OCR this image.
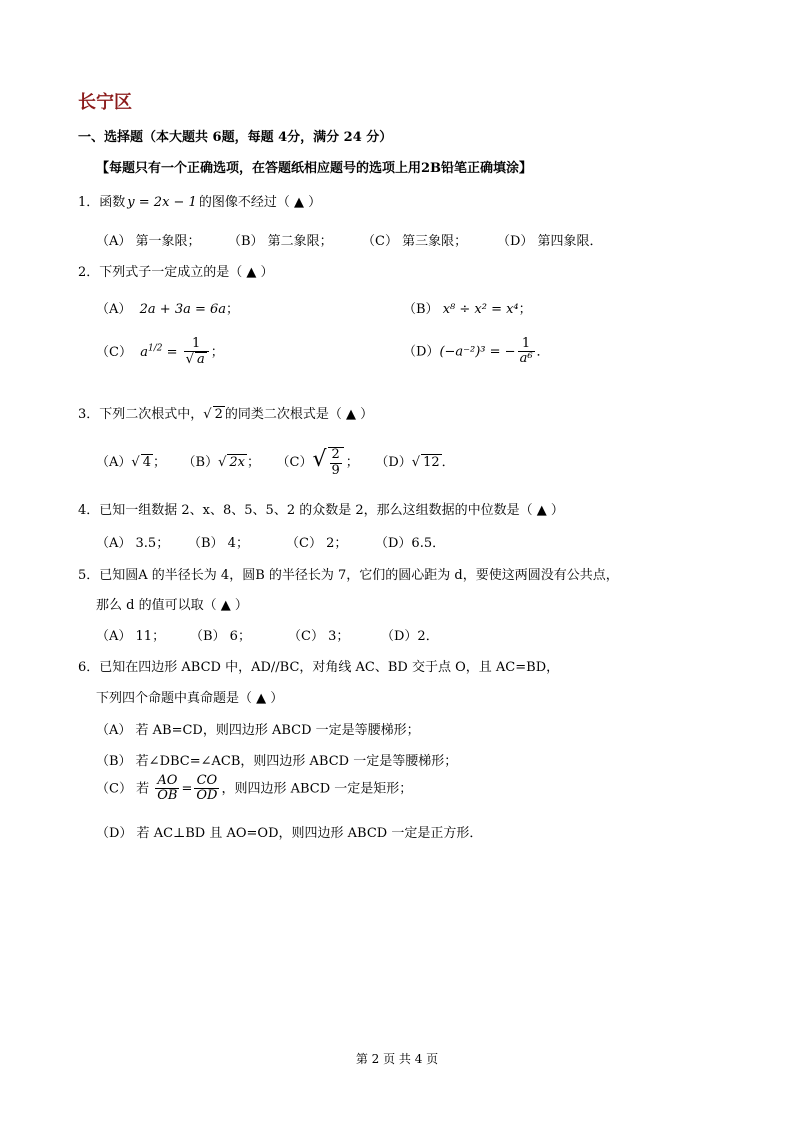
长宁区
一、选择题（本大题共 6题，每题 4分，满分 24 分）
【每题只有一个正确选项，在答题纸相应题号的选项上用2B铅笔正确填涂】
1．函数 y = 2x − 1 的图像不经过（ ▲ ）
（A） 第一象限； （B） 第二象限； （C） 第三象限； （D） 第四象限．
2．下列式子一定成立的是（ ▲ ）
（A） 2a + 3a = 6a；	（B） x⁸ ÷ x² = x⁴；
（C） $a^{1/2} = \frac{1}{√ a}$ ；	（D）(−a⁻²)³ = − $\frac{1}{\text{a⁶}}$ ．
3．下列二次根式中，√ 2 的同类二次根式是（ ▲ ）
（A）√ 4 ； （B）√ 2x ； $(C)√ \frac{2}{9}$ ； （D）√ 12 ．
4．已知一组数据 2、x、8、5、5、2 的众数是 2，那么这组数据的中位数是（ ▲ ）
（A） 3.5； （B） 4；	（C） 2； （D）6.5．
5．已知圆A 的半径长为 4，圆B 的半径长为 7，它们的圆心距为 d，要使这两圆没有公共点，
那么 d 的值可以取（ ▲ ）
（A） 11； （B） 6；	（C） 3； （D）2．
6．已知在四边形 ABCD 中，AD//BC，对角线 AC、BD 交于点 O，且 AC=BD，
下列四个命题中真命题是（ ▲ ）
（A） 若 AB=CD，则四边形 ABCD 一定是等腰梯形；
（B） 若∠DBC=∠ACB，则四边形 ABCD 一定是等腰梯形；
（C） 若 $\frac{AO}{OB} = \frac{CO}{OD}$ ，则四边形 ABCD 一定是矩形；
（D） 若 AC⊥BD 且 AO=OD，则四边形 ABCD 一定是正方形．
第 2 页 共 4 页
